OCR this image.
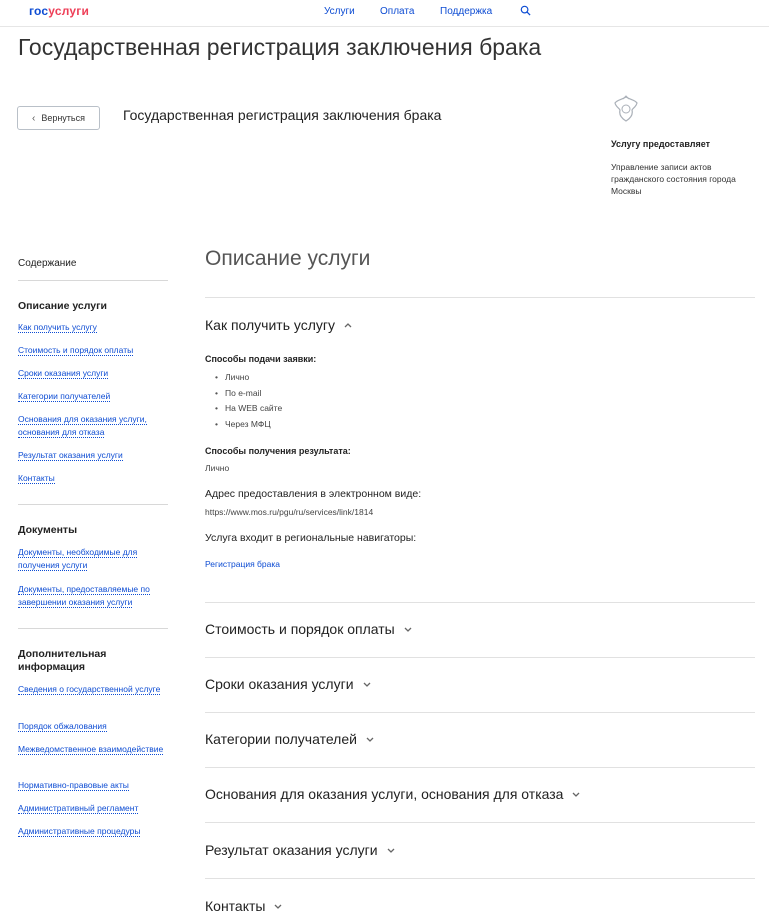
госуслуги	Услуги	Оплата	Поддержка
Государственная регистрация заключения брака
‹ Вернуться	Государственная регистрация заключения брака
Услугу предоставляет
Управление записи актов гражданского состояния города Москвы
Содержание
Описание услуги
Как получить услугу
Стоимость и порядок оплаты
Сроки оказания услуги
Категории получателей
Основания для оказания услуги, основания для отказа
Результат оказания услуги
Контакты
Документы
Документы, необходимые для получения услуги
Документы, предоставляемые по завершении оказания услуги
Дополнительная информация
Сведения о государственной услуге
Порядок обжалования
Межведомственное взаимодействие
Нормативно-правовые акты
Административный регламент
Административные процедуры
Описание услуги
Как получить услугу
Способы подачи заявки:
• Лично
• По e-mail
• На WEB сайте
• Через МФЦ
Способы получения результата:
Лично
Адрес предоставления в электронном виде:
https://www.mos.ru/pgu/ru/services/link/1814
Услуга входит в региональные навигаторы:
Регистрация брака
Стоимость и порядок оплаты
Сроки оказания услуги
Категории получателей
Основания для оказания услуги, основания для отказа
Результат оказания услуги
Контакты
